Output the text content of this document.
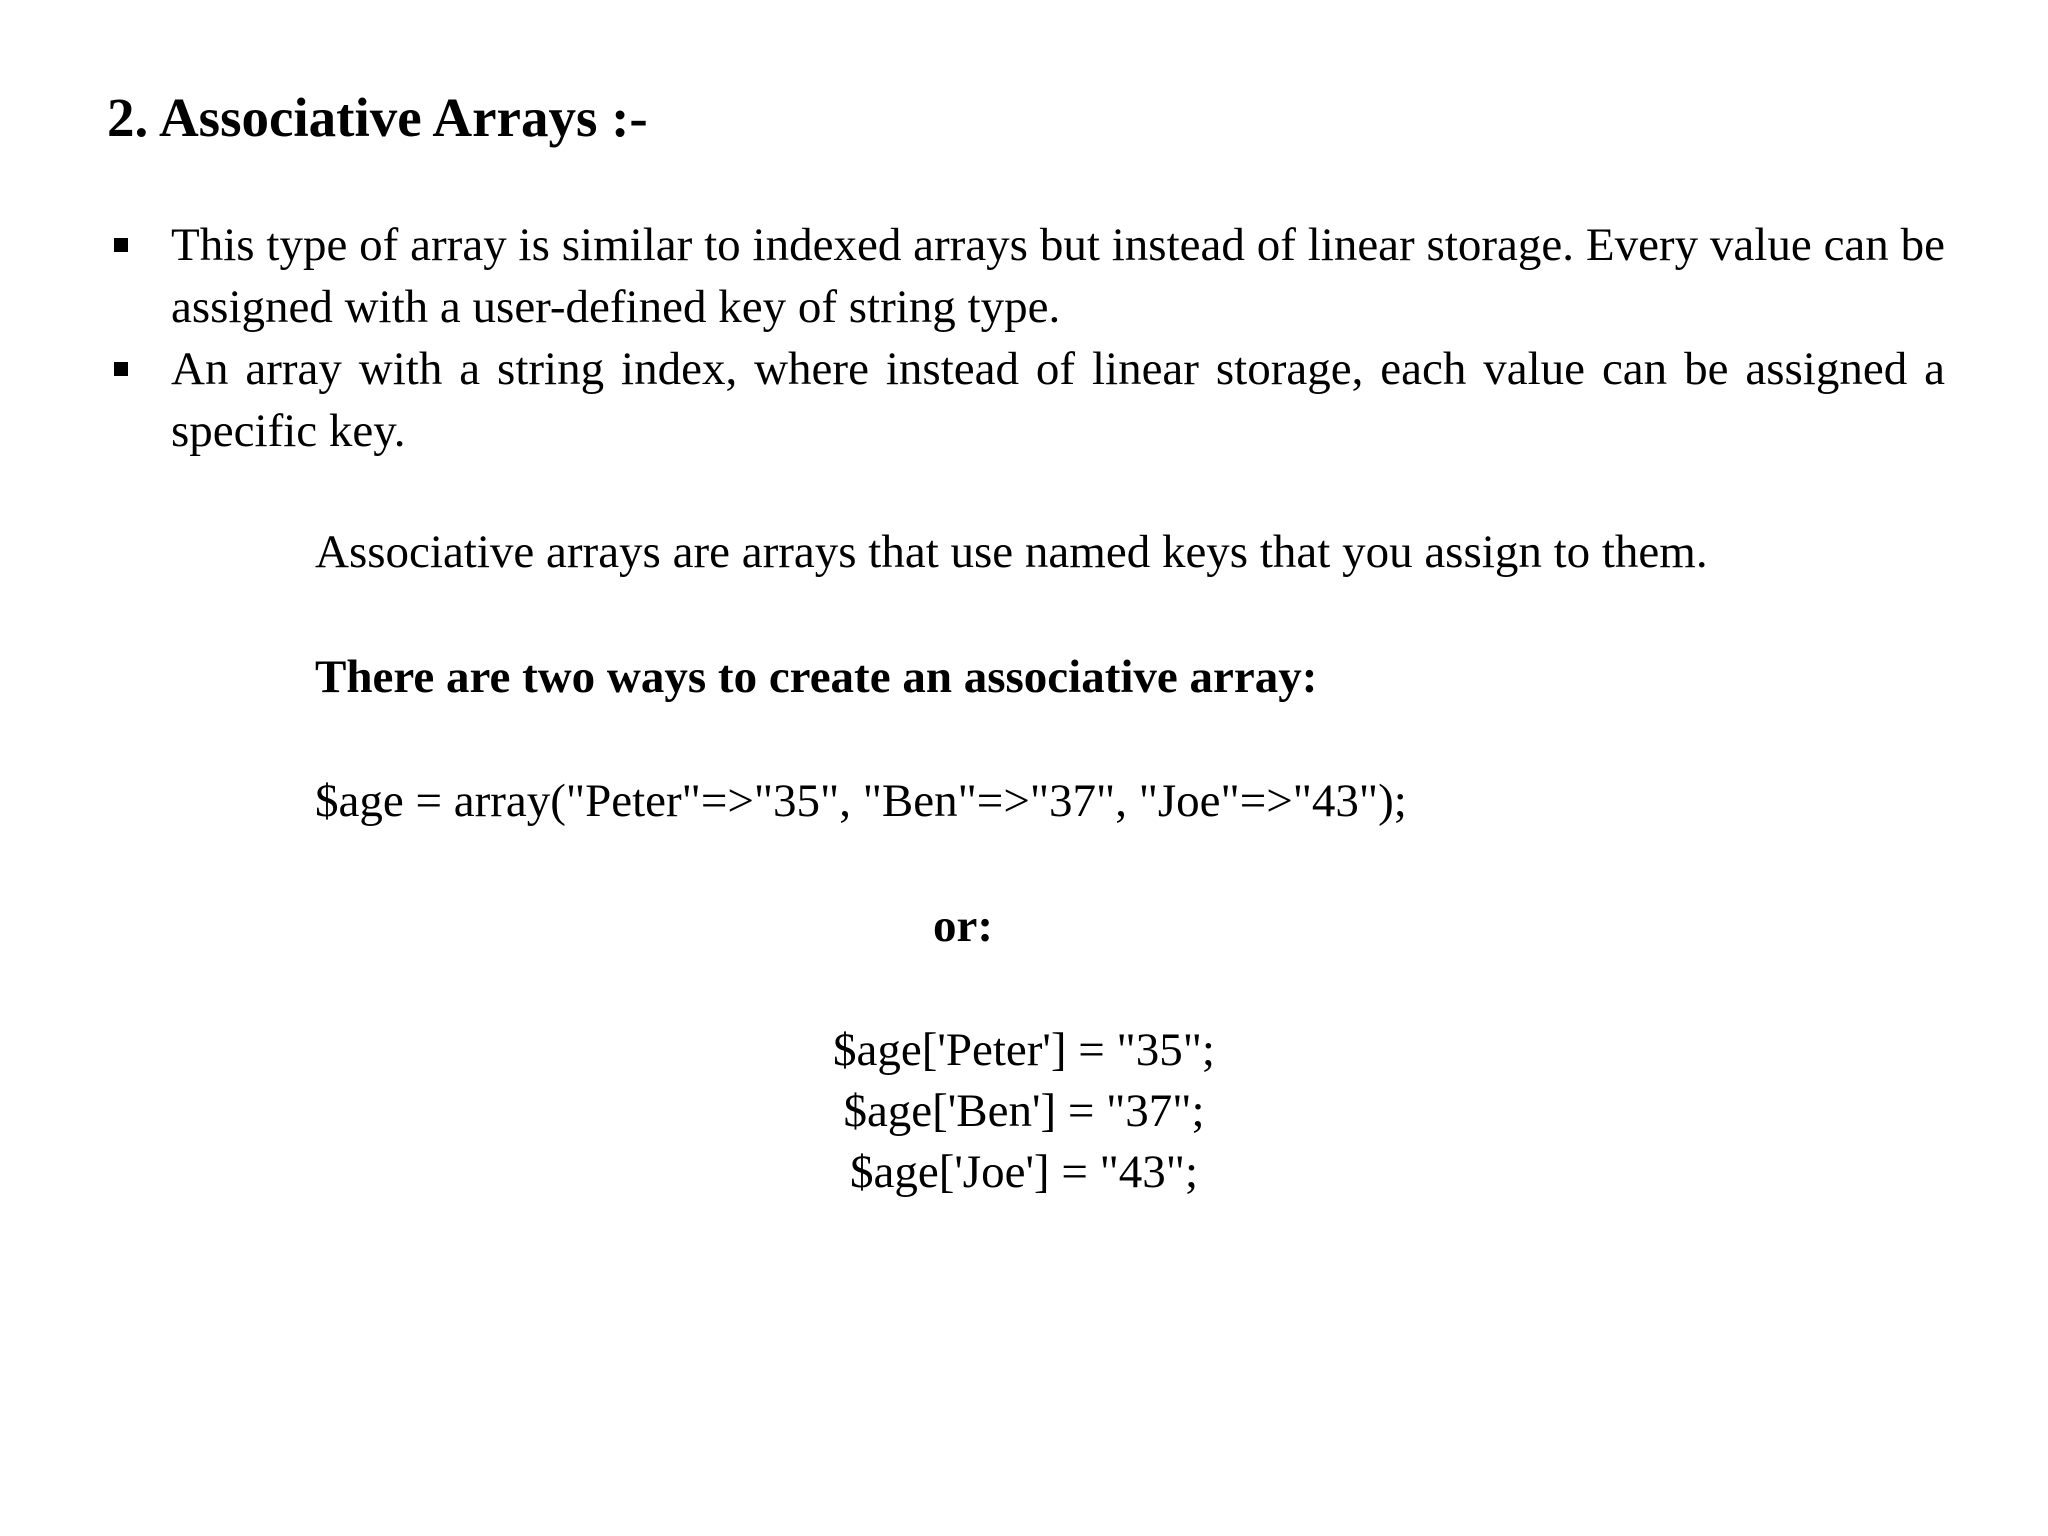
2. Associative Arrays :-
This type of array is similar to indexed arrays but instead of linear storage. Every value can be assigned with a user-defined key of string type.
An array with a string index, where instead of linear storage, each value can be assigned a specific key.

Associative arrays are arrays that use named keys that you assign to them.

There are two ways to create an associative array:

$age = array("Peter"=>"35", "Ben"=>"37", "Joe"=>"43");

or:

$age['Peter'] = "35";
$age['Ben'] = "37";
$age['Joe'] = "43";
